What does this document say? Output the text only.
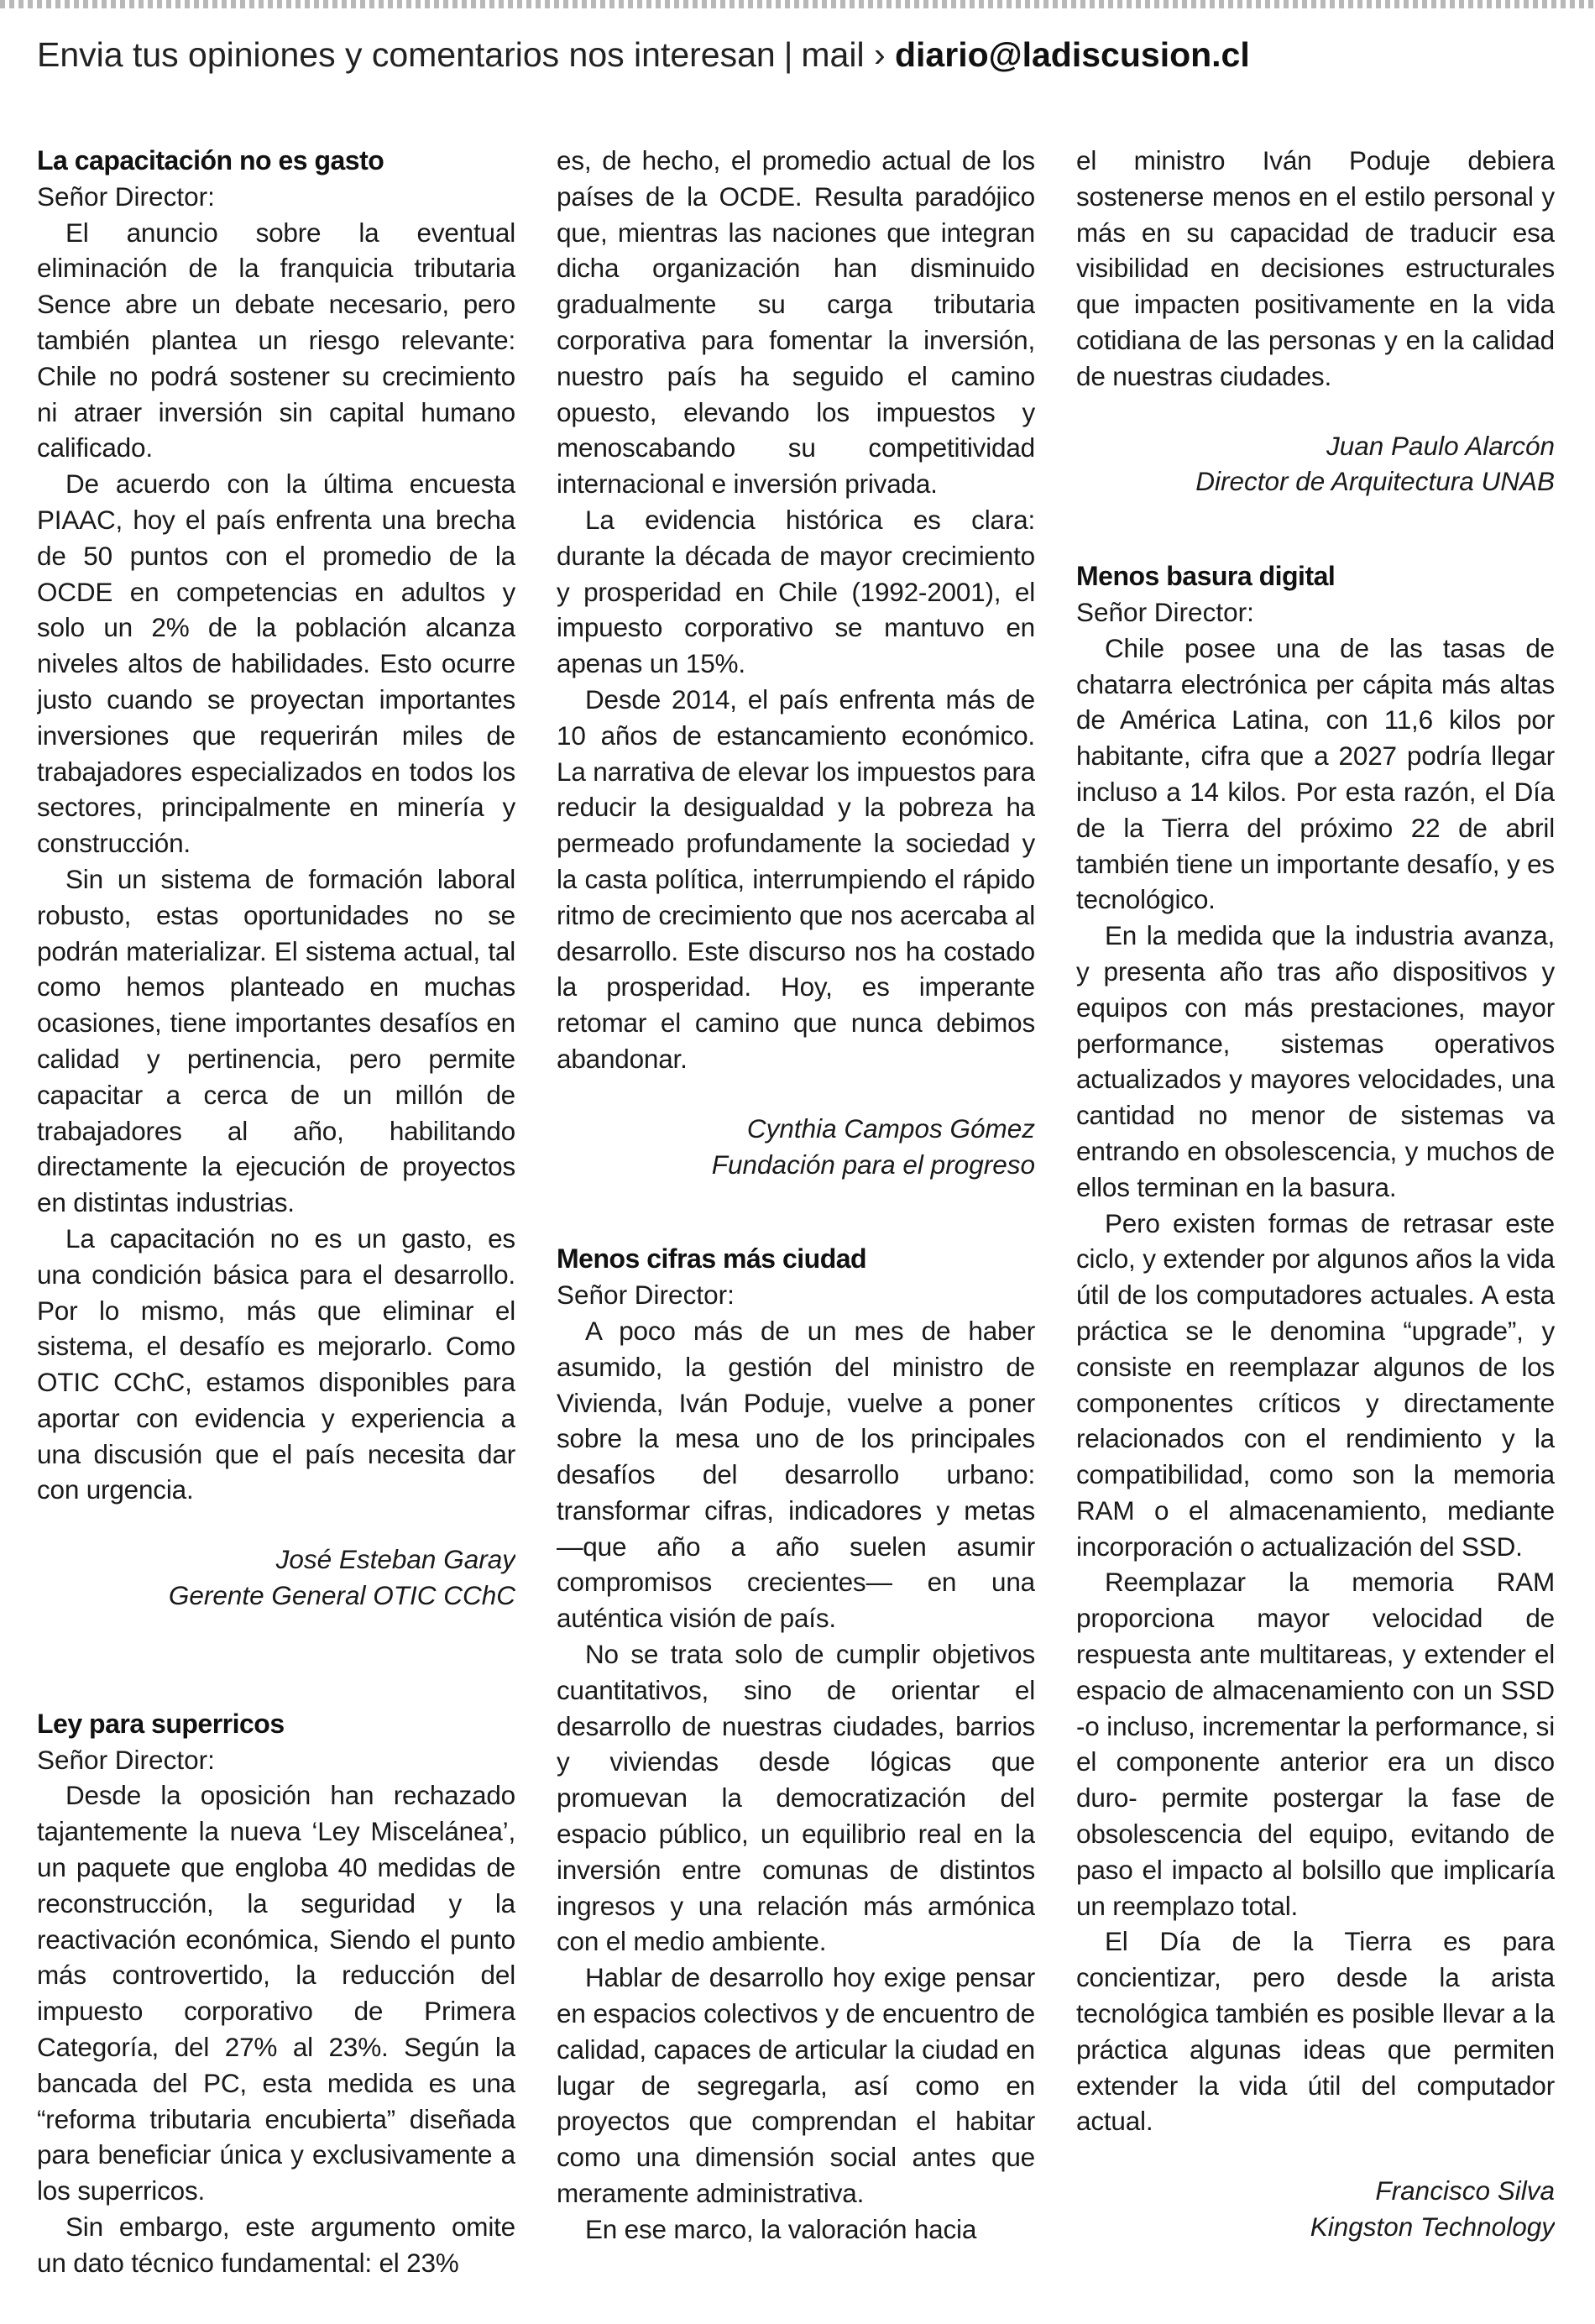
Envia tus opiniones y comentarios nos interesan | mail › diario@ladiscusion.cl
La capacitación no es gasto

Señor Director:

El anuncio sobre la eventual eliminación de la franquicia tributaria Sence abre un debate necesario, pero también plantea un riesgo relevante: Chile no podrá sostener su crecimiento ni atraer inversión sin capital humano calificado.

De acuerdo con la última encuesta PIAAC, hoy el país enfrenta una brecha de 50 puntos con el promedio de la OCDE en competencias en adultos y solo un 2% de la población alcanza niveles altos de habilidades. Esto ocurre justo cuando se proyectan importantes inversiones que requerirán miles de trabajadores especializados en todos los sectores, principalmente en minería y construcción.

Sin un sistema de formación laboral robusto, estas oportunidades no se podrán materializar. El sistema actual, tal como hemos planteado en muchas ocasiones, tiene importantes desafíos en calidad y pertinencia, pero permite capacitar a cerca de un millón de trabajadores al año, habilitando directamente la ejecución de proyectos en distintas industrias.

La capacitación no es un gasto, es una condición básica para el desarrollo. Por lo mismo, más que eliminar el sistema, el desafío es mejorarlo. Como OTIC CChC, estamos disponibles para aportar con evidencia y experiencia a una discusión que el país necesita dar con urgencia.

José Esteban Garay
Gerente General OTIC CChC
Ley para superricos

Señor Director:

Desde la oposición han rechazado tajantemente la nueva ‘Ley Miscelánea’, un paquete que engloba 40 medidas de reconstrucción, la seguridad y la reactivación económica, Siendo el punto más controvertido, la reducción del impuesto corporativo de Primera Categoría, del 27% al 23%. Según la bancada del PC, esta medida es una “reforma tributaria encubierta” diseñada para beneficiar única y exclusivamente a los superricos.

Sin embargo, este argumento omite un dato técnico fundamental: el 23%

es, de hecho, el promedio actual de los países de la OCDE. Resulta paradójico que, mientras las naciones que integran dicha organización han disminuido gradualmente su carga tributaria corporativa para fomentar la inversión, nuestro país ha seguido el camino opuesto, elevando los impuestos y menoscabando su competitividad internacional e inversión privada.

La evidencia histórica es clara: durante la década de mayor crecimiento y prosperidad en Chile (1992-2001), el impuesto corporativo se mantuvo en apenas un 15%.

Desde 2014, el país enfrenta más de 10 años de estancamiento económico. La narrativa de elevar los impuestos para reducir la desigualdad y la pobreza ha permeado profundamente la sociedad y la casta política, interrumpiendo el rápido ritmo de crecimiento que nos acercaba al desarrollo. Este discurso nos ha costado la prosperidad. Hoy, es imperante retomar el camino que nunca debimos abandonar.

Cynthia Campos Gómez
Fundación para el progreso
Menos cifras más ciudad

Señor Director:

A poco más de un mes de haber asumido, la gestión del ministro de Vivienda, Iván Poduje, vuelve a poner sobre la mesa uno de los principales desafíos del desarrollo urbano: transformar cifras, indicadores y metas —que año a año suelen asumir compromisos crecientes— en una auténtica visión de país.

No se trata solo de cumplir objetivos cuantitativos, sino de orientar el desarrollo de nuestras ciudades, barrios y viviendas desde lógicas que promuevan la democratización del espacio público, un equilibrio real en la inversión entre comunas de distintos ingresos y una relación más armónica con el medio ambiente.

Hablar de desarrollo hoy exige pensar en espacios colectivos y de encuentro de calidad, capaces de articular la ciudad en lugar de segregarla, así como en proyectos que comprendan el habitar como una dimensión social antes que meramente administrativa.

En ese marco, la valoración hacia

el ministro Iván Poduje debiera sostenerse menos en el estilo personal y más en su capacidad de traducir esa visibilidad en decisiones estructurales que impacten positivamente en la vida cotidiana de las personas y en la calidad de nuestras ciudades.

Juan Paulo Alarcón
Director de Arquitectura UNAB
Menos basura digital

Señor Director:

Chile posee una de las tasas de chatarra electrónica per cápita más altas de América Latina, con 11,6 kilos por habitante, cifra que a 2027 podría llegar incluso a 14 kilos. Por esta razón, el Día de la Tierra del próximo 22 de abril también tiene un importante desafío, y es tecnológico.

En la medida que la industria avanza, y presenta año tras año dispositivos y equipos con más prestaciones, mayor performance, sistemas operativos actualizados y mayores velocidades, una cantidad no menor de sistemas va entrando en obsolescencia, y muchos de ellos terminan en la basura.

Pero existen formas de retrasar este ciclo, y extender por algunos años la vida útil de los computadores actuales. A esta práctica se le denomina “upgrade”, y consiste en reemplazar algunos de los componentes críticos y directamente relacionados con el rendimiento y la compatibilidad, como son la memoria RAM o el almacenamiento, mediante incorporación o actualización del SSD.

Reemplazar la memoria RAM proporciona mayor velocidad de respuesta ante multitareas, y extender el espacio de almacenamiento con un SSD -o incluso, incrementar la performance, si el componente anterior era un disco duro- permite postergar la fase de obsolescencia del equipo, evitando de paso el impacto al bolsillo que implicaría un reemplazo total.

El Día de la Tierra es para concientizar, pero desde la arista tecnológica también es posible llevar a la práctica algunas ideas que permiten extender la vida útil del computador actual.

Francisco Silva
Kingston Technology
